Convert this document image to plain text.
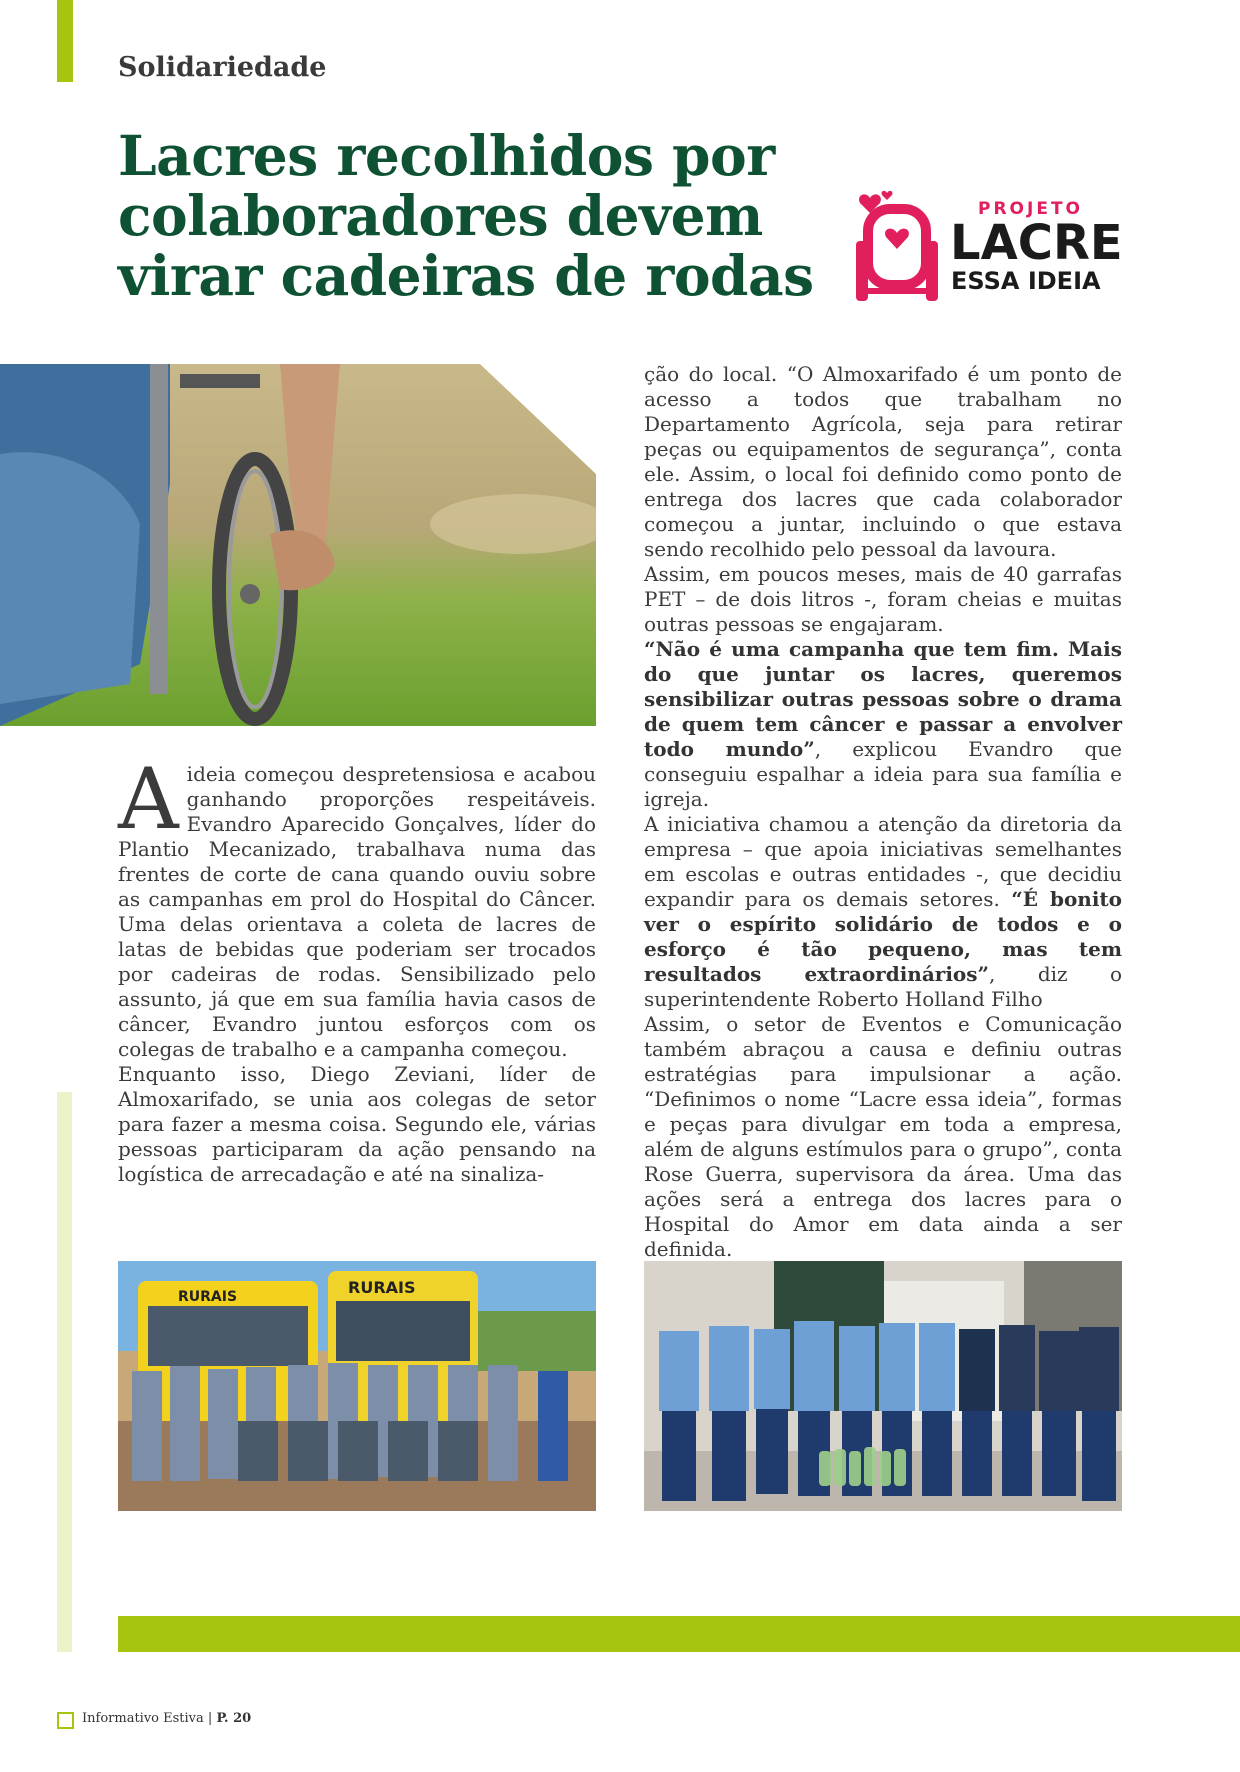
Solidariedade
Lacres recolhidos por colaboradores devem virar cadeiras de rodas
PROJETO
LACRE
ESSA IDEIA

Aideia começou despretensiosa e acabou ganhando proporções respeitáveis. Evandro Aparecido Gonçalves, líder do Plantio Mecanizado, trabalhava numa das frentes de corte de cana quando ouviu sobre as campanhas em prol do Hospital do Câncer. Uma delas orientava a coleta de lacres de latas de bebidas que poderiam ser trocados por cadeiras de rodas. Sensibilizado pelo assunto, já que em sua família havia casos de câncer, Evandro juntou esforços com os colegas de trabalho e a campanha começou.

Enquanto isso, Diego Zeviani, líder de Almoxarifado, se unia aos colegas de setor para fazer a mesma coisa. Segundo ele, várias pessoas participaram da ação pensando na logística de arrecadação e até na sinaliza-

ção do local. “O Almoxarifado é um ponto de acesso a todos que trabalham no Departamento Agrícola, seja para retirar peças ou equipamentos de segurança”, conta ele. Assim, o local foi definido como ponto de entrega dos lacres que cada colaborador começou a juntar, incluindo o que estava sendo recolhido pelo pessoal da lavoura.

Assim, em poucos meses, mais de 40 garrafas PET – de dois litros -, foram cheias e muitas outras pessoas se engajaram.

“Não é uma campanha que tem fim. Mais do que juntar os lacres, queremos sensibilizar outras pessoas sobre o drama de quem tem câncer e passar a envolver todo mundo”, explicou Evandro que conseguiu espalhar a ideia para sua família e igreja.

A iniciativa chamou a atenção da diretoria da empresa – que apoia iniciativas semelhantes em escolas e outras entidades -, que decidiu expandir para os demais setores. “É bonito ver o espírito solidário de todos e o esforço é tão pequeno, mas tem resultados extraordinários”, diz o superintendente Roberto Holland Filho

Assim, o setor de Eventos e Comunicação também abraçou a causa e definiu outras estratégias para impulsionar a ação. “Definimos o nome “Lacre essa ideia”, formas e peças para divulgar em toda a empresa, além de alguns estímulos para o grupo”, conta Rose Guerra, supervisora da área. Uma das ações será a entrega dos lacres para o Hospital do Amor em data ainda a ser definida.

RURAIS	RURAIS
Informativo Estiva | P. 20
